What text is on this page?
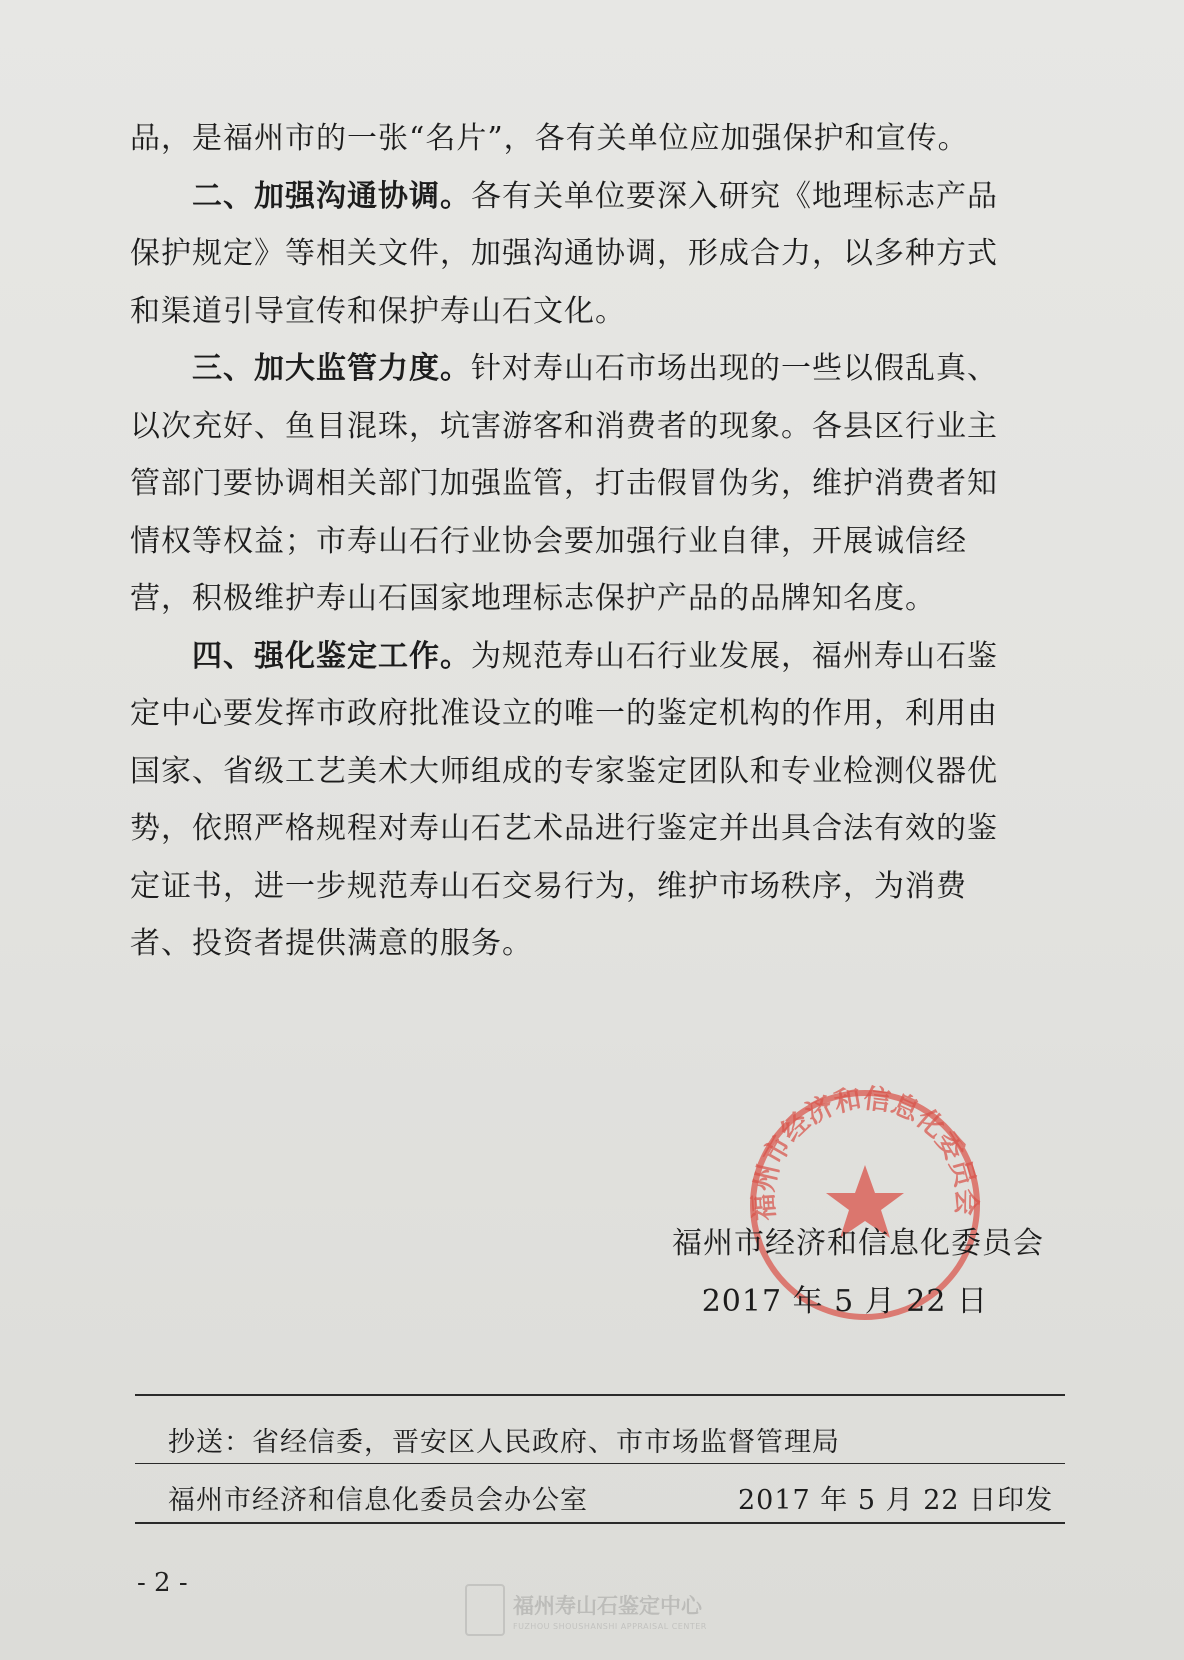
品，是福州市的一张“名片”，各有关单位应加强保护和宣传。

二、加强沟通协调。各有关单位要深入研究《地理标志产品保护规定》等相关文件，加强沟通协调，形成合力，以多种方式和渠道引导宣传和保护寿山石文化。

三、加大监管力度。针对寿山石市场出现的一些以假乱真、以次充好、鱼目混珠，坑害游客和消费者的现象。各县区行业主管部门要协调相关部门加强监管，打击假冒伪劣，维护消费者知情权等权益；市寿山石行业协会要加强行业自律，开展诚信经营，积极维护寿山石国家地理标志保护产品的品牌知名度。

四、强化鉴定工作。为规范寿山石行业发展，福州寿山石鉴定中心要发挥市政府批准设立的唯一的鉴定机构的作用，利用由国家、省级工艺美术大师组成的专家鉴定团队和专业检测仪器优势，依照严格规程对寿山石艺术品进行鉴定并出具合法有效的鉴定证书，进一步规范寿山石交易行为，维护市场秩序，为消费者、投资者提供满意的服务。

福州市经济和信息化委员会
福州市经济和信息化委员会
2017 年 5 月 22 日
抄送：省经信委，晋安区人民政府、市市场监督管理局
福州市经济和信息化委员会办公室	2017 年 5 月 22 日印发
- 2 -
福州寿山石鉴定中心
FUZHOU SHOUSHANSHI APPRAISAL CENTER
